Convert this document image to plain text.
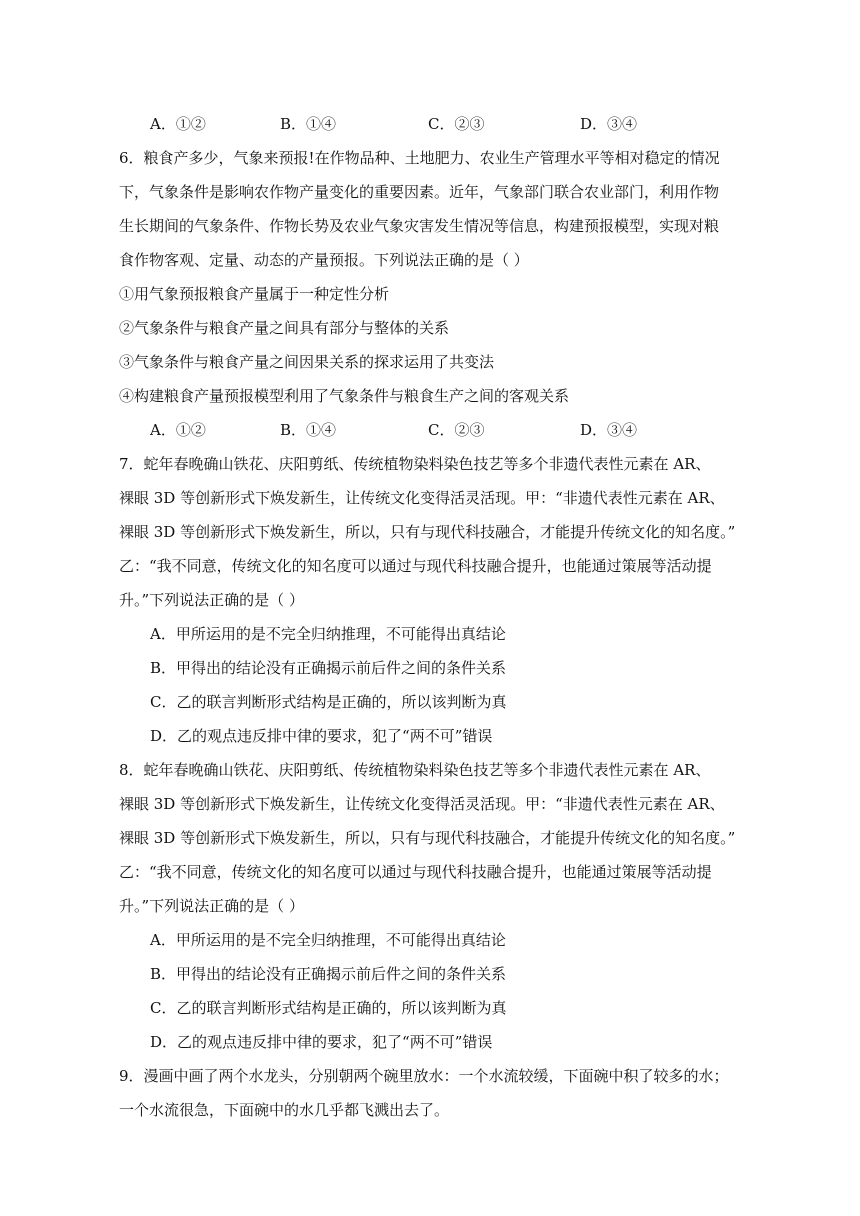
A．①②	B．①④	C．②③	D．③④
6．粮食产多少，气象来预报!在作物品种、土地肥力、农业生产管理水平等相对稳定的情况
下，气象条件是影响农作物产量变化的重要因素。近年，气象部门联合农业部门，利用作物
生长期间的气象条件、作物长势及农业气象灾害发生情况等信息，构建预报模型，实现对粮
食作物客观、定量、动态的产量预报。下列说法正确的是（ ）
①用气象预报粮食产量属于一种定性分析
②气象条件与粮食产量之间具有部分与整体的关系
③气象条件与粮食产量之间因果关系的探求运用了共变法
④构建粮食产量预报模型利用了气象条件与粮食生产之间的客观关系
A．①②	B．①④	C．②③	D．③④
7．蛇年春晚确山铁花、庆阳剪纸、传统植物染料染色技艺等多个非遗代表性元素在 AR、
裸眼 3D 等创新形式下焕发新生，让传统文化变得活灵活现。甲：“非遗代表性元素在 AR、
裸眼 3D 等创新形式下焕发新生，所以，只有与现代科技融合，才能提升传统文化的知名度。”
乙：“我不同意，传统文化的知名度可以通过与现代科技融合提升，也能通过策展等活动提
升。”下列说法正确的是（ ）
A．甲所运用的是不完全归纳推理，不可能得出真结论
B．甲得出的结论没有正确揭示前后件之间的条件关系
C．乙的联言判断形式结构是正确的，所以该判断为真
D．乙的观点违反排中律的要求，犯了“两不可”错误
8．蛇年春晚确山铁花、庆阳剪纸、传统植物染料染色技艺等多个非遗代表性元素在 AR、
裸眼 3D 等创新形式下焕发新生，让传统文化变得活灵活现。甲：“非遗代表性元素在 AR、
裸眼 3D 等创新形式下焕发新生，所以，只有与现代科技融合，才能提升传统文化的知名度。”
乙：“我不同意，传统文化的知名度可以通过与现代科技融合提升，也能通过策展等活动提
升。”下列说法正确的是（ ）
A．甲所运用的是不完全归纳推理，不可能得出真结论
B．甲得出的结论没有正确揭示前后件之间的条件关系
C．乙的联言判断形式结构是正确的，所以该判断为真
D．乙的观点违反排中律的要求，犯了“两不可”错误
9．漫画中画了两个水龙头，分别朝两个碗里放水：一个水流较缓，下面碗中积了较多的水；
一个水流很急，下面碗中的水几乎都飞溅出去了。
